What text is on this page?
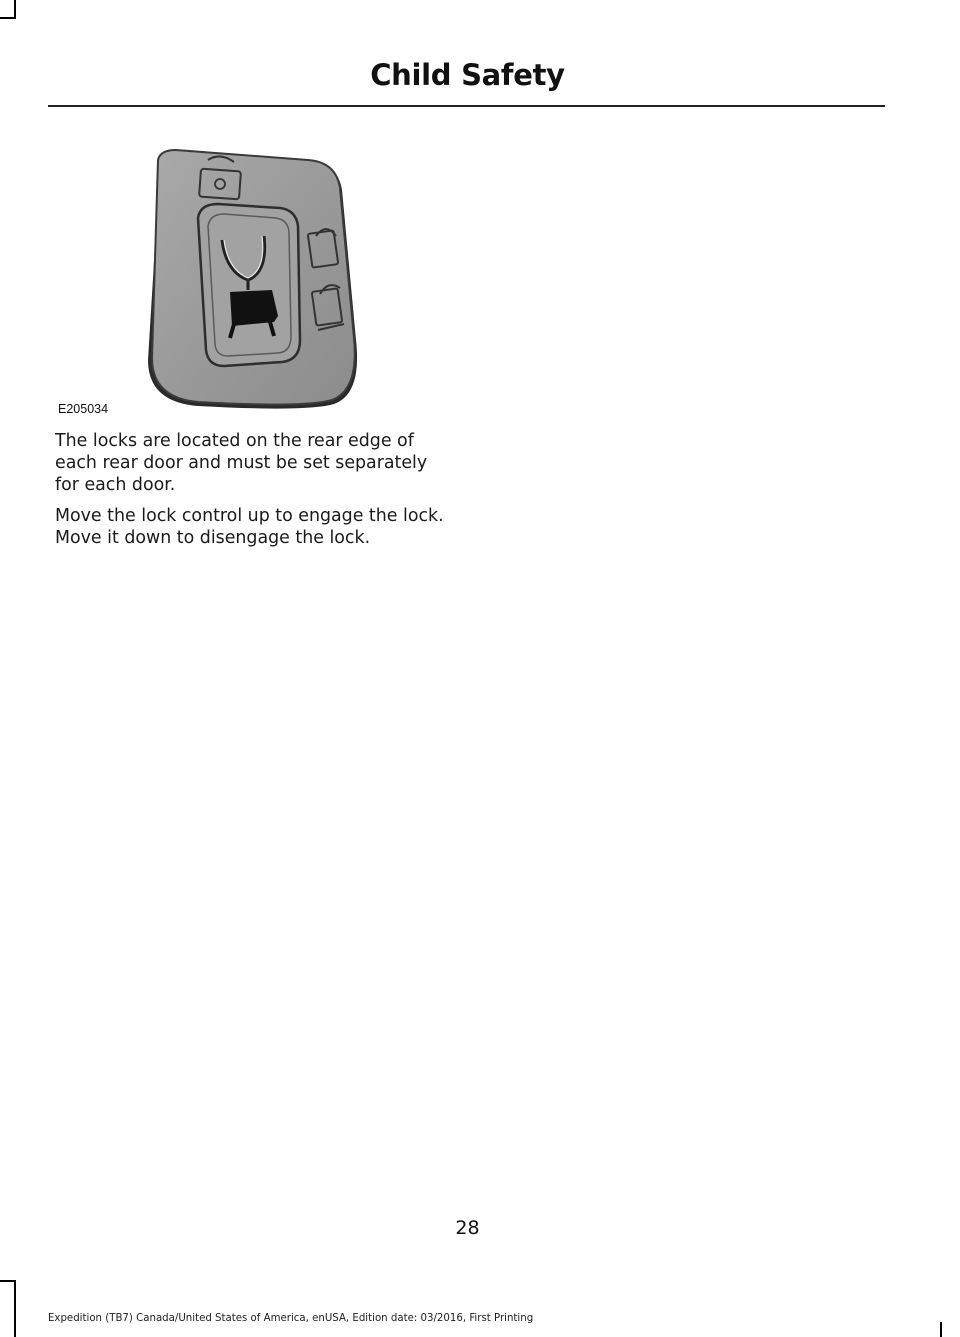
Child Safety
E205034

The locks are located on the rear edge of each rear door and must be set separately for each door.

Move the lock control up to engage the lock. Move it down to disengage the lock.

28
Expedition (TB7) Canada/United States of America, enUSA, Edition date: 03/2016, First Printing
